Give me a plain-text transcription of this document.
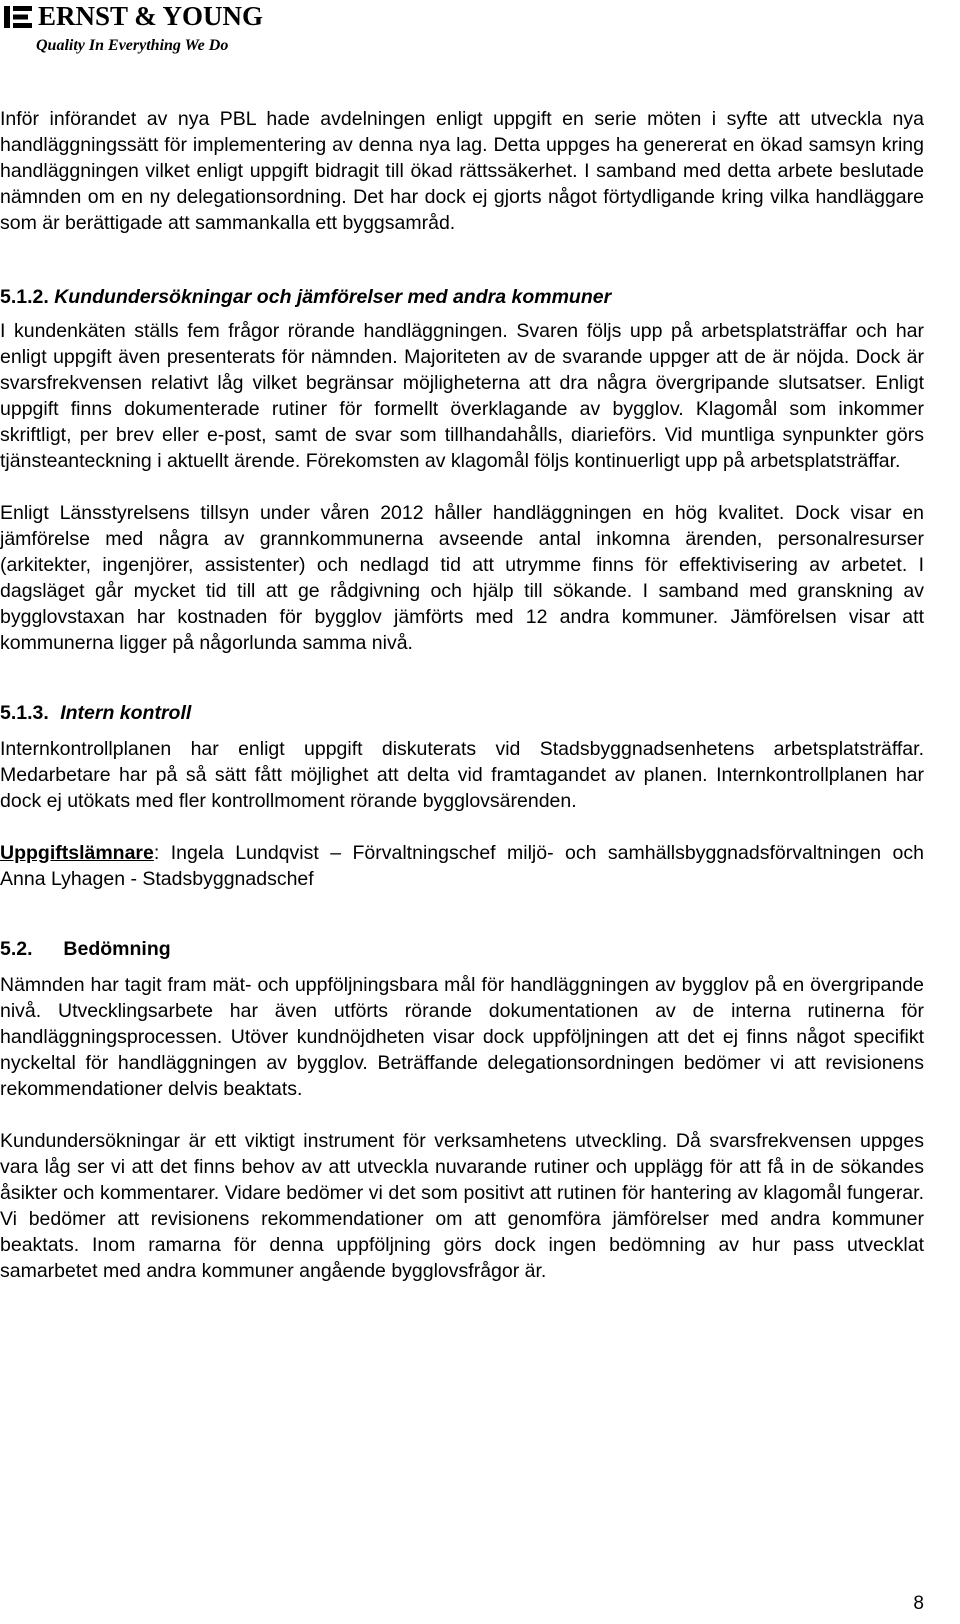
ERNST & YOUNG
Quality In Everything We Do

Inför införandet av nya PBL hade avdelningen enligt uppgift en serie möten i syfte att utveckla nya handläggningssätt för implementering av denna nya lag. Detta uppges ha genererat en ökad samsyn kring handläggningen vilket enligt uppgift bidragit till ökad rättssäkerhet. I samband med detta arbete beslutade nämnden om en ny delegationsordning. Det har dock ej gjorts något förtydligande kring vilka handläggare som är berättigade att sammankalla ett byggsamråd.

5.1.2. Kundundersökningar och jämförelser med andra kommuner

I kundenkäten ställs fem frågor rörande handläggningen. Svaren följs upp på arbetsplatsträffar och har enligt uppgift även presenterats för nämnden. Majoriteten av de svarande uppger att de är nöjda. Dock är svarsfrekvensen relativt låg vilket begränsar möjligheterna att dra några övergripande slutsatser. Enligt uppgift finns dokumenterade rutiner för formellt överklagande av bygglov. Klagomål som inkommer skriftligt, per brev eller e-post, samt de svar som tillhandahålls, diarieförs. Vid muntliga synpunkter görs tjänsteanteckning i aktuellt ärende. Förekomsten av klagomål följs kontinuerligt upp på arbetsplatsträffar.

Enligt Länsstyrelsens tillsyn under våren 2012 håller handläggningen en hög kvalitet. Dock visar en jämförelse med några av grannkommunerna avseende antal inkomna ärenden, personalresurser (arkitekter, ingenjörer, assistenter) och nedlagd tid att utrymme finns för effektivisering av arbetet. I dagsläget går mycket tid till att ge rådgivning och hjälp till sökande. I samband med granskning av bygglovstaxan har kostnaden för bygglov jämförts med 12 andra kommuner. Jämförelsen visar att kommunerna ligger på någorlunda samma nivå.

5.1.3. Intern kontroll

Internkontrollplanen har enligt uppgift diskuterats vid Stadsbyggnadsenhetens arbetsplatsträffar. Medarbetare har på så sätt fått möjlighet att delta vid framtagandet av planen. Internkontrollplanen har dock ej utökats med fler kontrollmoment rörande bygglovsärenden.

Uppgiftslämnare: Ingela Lundqvist – Förvaltningschef miljö- och samhällsbyggnadsförvaltningen och Anna Lyhagen - Stadsbyggnadschef

5.2. Bedömning

Nämnden har tagit fram mät- och uppföljningsbara mål för handläggningen av bygglov på en övergripande nivå. Utvecklingsarbete har även utförts rörande dokumentationen av de interna rutinerna för handläggningsprocessen. Utöver kundnöjdheten visar dock uppföljningen att det ej finns något specifikt nyckeltal för handläggningen av bygglov. Beträffande delegationsordningen bedömer vi att revisionens rekommendationer delvis beaktats.

Kundundersökningar är ett viktigt instrument för verksamhetens utveckling. Då svarsfrekvensen uppges vara låg ser vi att det finns behov av att utveckla nuvarande rutiner och upplägg för att få in de sökandes åsikter och kommentarer. Vidare bedömer vi det som positivt att rutinen för hantering av klagomål fungerar. Vi bedömer att revisionens rekommendationer om att genomföra jämförelser med andra kommuner beaktats. Inom ramarna för denna uppföljning görs dock ingen bedömning av hur pass utvecklat samarbetet med andra kommuner angående bygglovsfrågor är.

8
